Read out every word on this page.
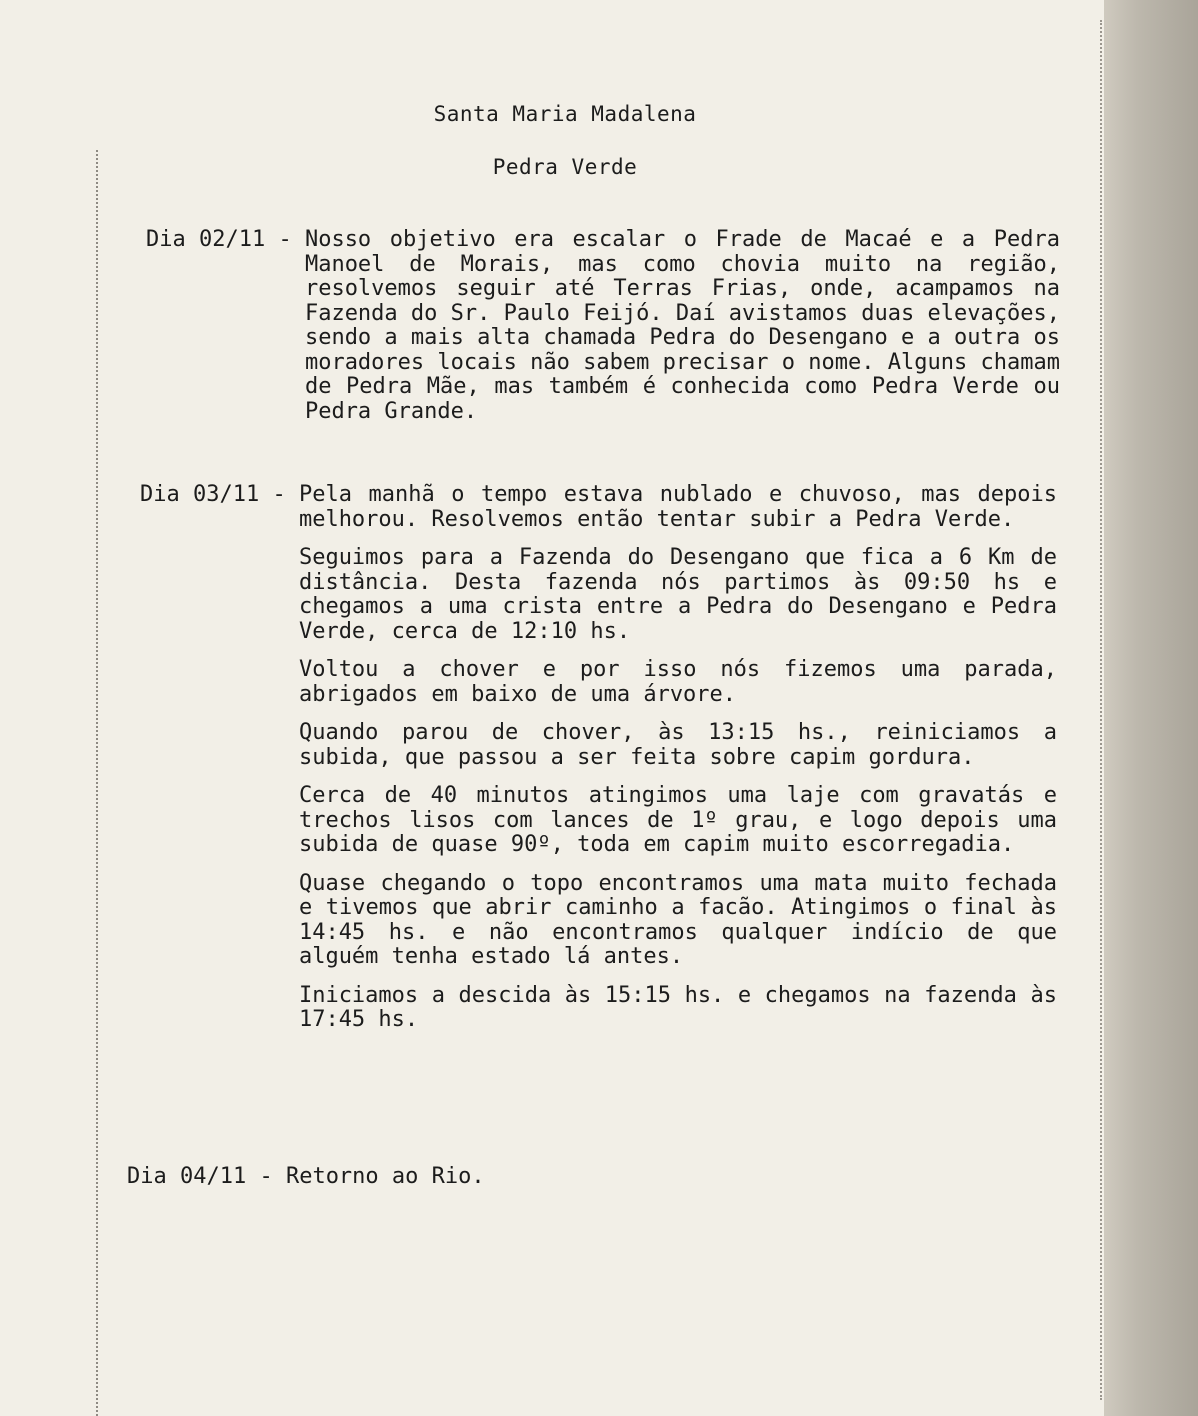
Santa Maria Madalena
Pedra Verde
Dia 02/11 - Nosso objetivo era escalar o Frade de Macaé e a Pedra Manoel de Morais, mas como chovia muito na região, resolvemos seguir até Terras Frias, onde, acampamos na Fazenda do Sr. Paulo Feijó. Daí avistamos duas elevações, sendo a mais alta chamada Pedra do Desengano e a outra os moradores locais não sabem precisar o nome. Alguns chamam de Pedra Mãe, mas também é conhecida como Pedra Verde ou Pedra Grande.

Dia 03/11 - Pela manhã o tempo estava nublado e chuvoso, mas depois melhorou. Resolvemos então tentar subir a Pedra Verde.

Seguimos para a Fazenda do Desengano que fica a 6 Km de distância. Desta fazenda nós partimos às 09:50 hs e chegamos a uma crista entre a Pedra do Desengano e Pedra Verde, cerca de 12:10 hs.

Voltou a chover e por isso nós fizemos uma parada, abrigados em baixo de uma árvore.

Quando parou de chover, às 13:15 hs., reiniciamos a subida, que passou a ser feita sobre capim gordura.

Cerca de 40 minutos atingimos uma laje com gravatás e trechos lisos com lances de 1º grau, e logo depois uma subida de quase 90º, toda em capim muito escorregadia.

Quase chegando o topo encontramos uma mata muito fechada e tivemos que abrir caminho a facão. Atingimos o final às 14:45 hs. e não encontramos qualquer indício de que alguém tenha estado lá antes.

Iniciamos a descida às 15:15 hs. e chegamos na fazenda às 17:45 hs.

Dia 04/11 - Retorno ao Rio.
